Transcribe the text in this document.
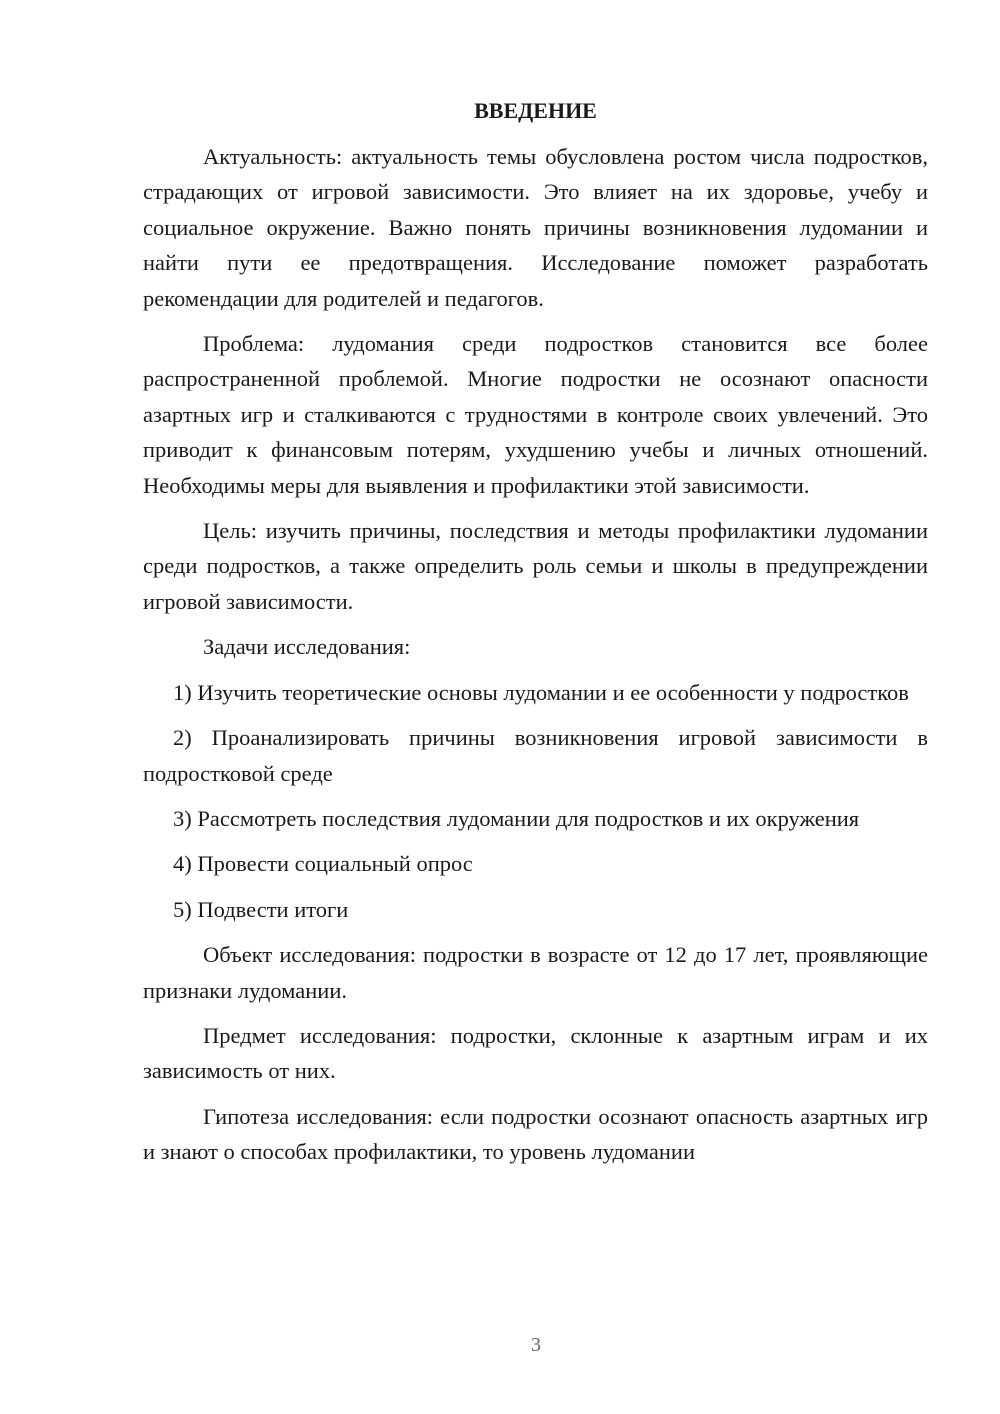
ВВЕДЕНИЕ

Актуальность: актуальность темы обусловлена ростом числа подростков, страдающих от игровой зависимости. Это влияет на их здоровье, учебу и социальное окружение. Важно понять причины возникновения лудомании и найти пути ее предотвращения. Исследование поможет разработать рекомендации для родителей и педагогов.

Проблема: лудомания среди подростков становится все более распространенной проблемой. Многие подростки не осознают опасности азартных игр и сталкиваются с трудностями в контроле своих увлечений. Это приводит к финансовым потерям, ухудшению учебы и личных отношений. Необходимы меры для выявления и профилактики этой зависимости.

Цель: изучить причины, последствия и методы профилактики лудомании среди подростков, а также определить роль семьи и школы в предупреждении игровой зависимости.

Задачи исследования:

1) Изучить теоретические основы лудомании и ее особенности у подростков

2) Проанализировать причины возникновения игровой зависимости в подростковой среде

3) Рассмотреть последствия лудомании для подростков и их окружения

4) Провести социальный опрос

5) Подвести итоги

Объект исследования: подростки в возрасте от 12 до 17 лет, проявляющие признаки лудомании.

Предмет исследования: подростки, склонные к азартным играм и их зависимость от них.

Гипотеза исследования: если подростки осознают опасность азартных игр и знают о способах профилактики, то уровень лудомании

3
